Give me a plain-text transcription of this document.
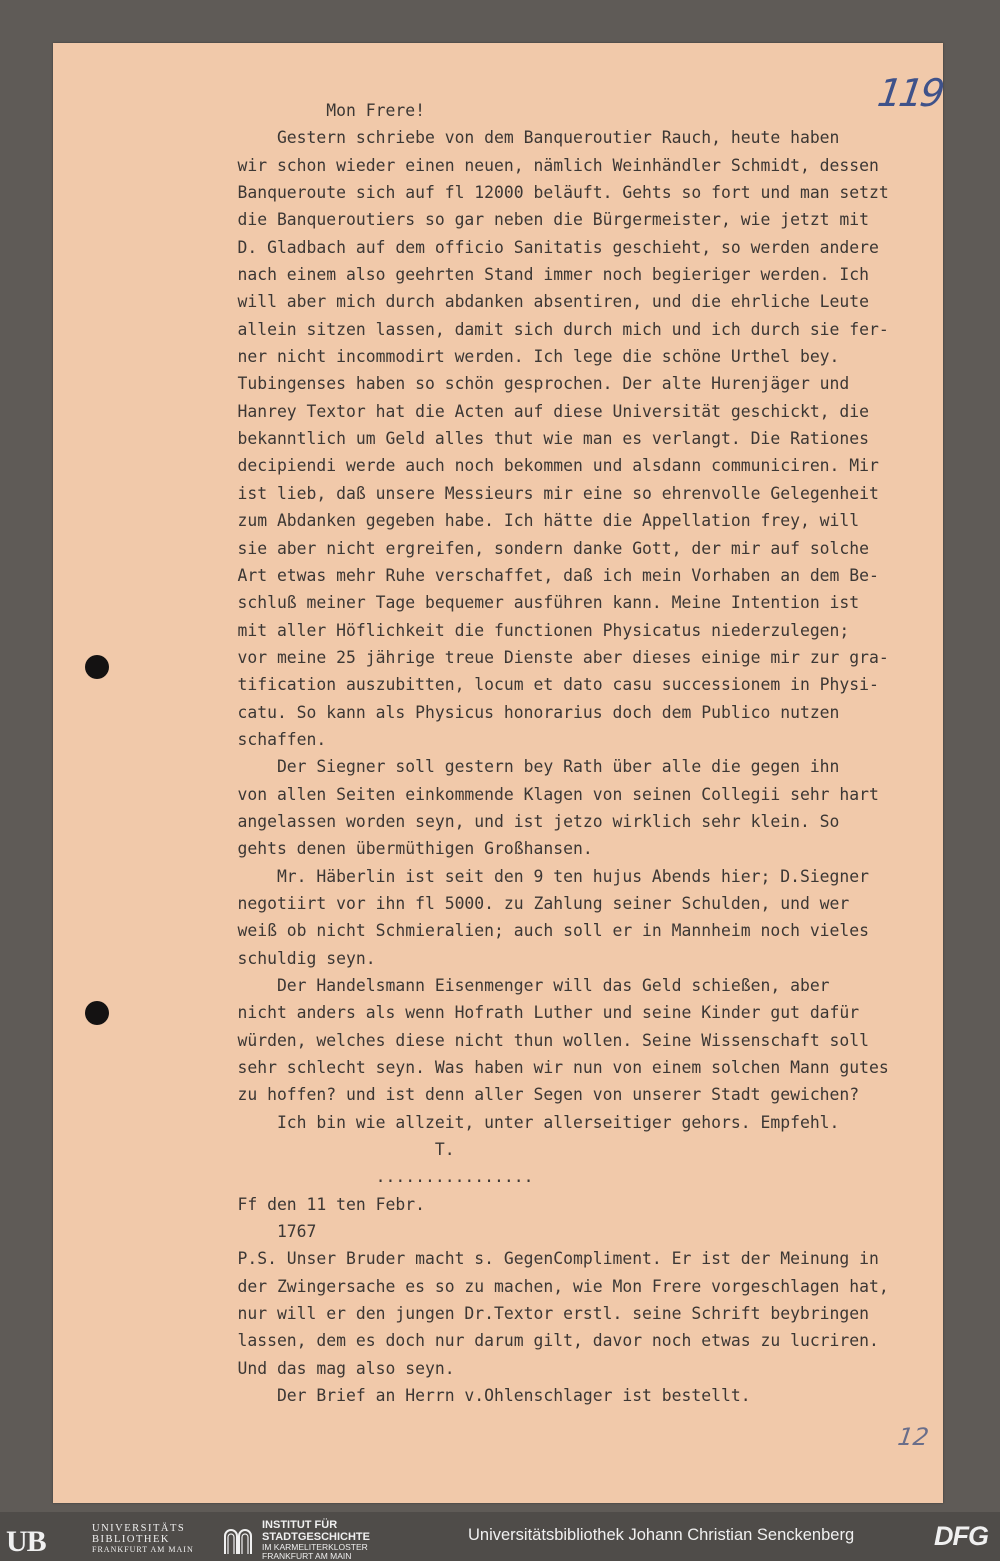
119
12
Mon Frere!
Gestern schriebe von dem Banqueroutier Rauch, heute haben
wir schon wieder einen neuen, nämlich Weinhändler Schmidt, dessen
Banqueroute sich auf fl 12000 beläuft. Gehts so fort und man setzt
die Banqueroutiers so gar neben die Bürgermeister, wie jetzt mit
D. Gladbach auf dem officio Sanitatis geschieht, so werden andere
nach einem also geehrten Stand immer noch begieriger werden. Ich
will aber mich durch abdanken absentiren, und die ehrliche Leute
allein sitzen lassen, damit sich durch mich und ich durch sie fer-
ner nicht incommodirt werden. Ich lege die schöne Urthel bey.
Tubingenses haben so schön gesprochen. Der alte Hurenjäger und
Hanrey Textor hat die Acten auf diese Universität geschickt, die
bekanntlich um Geld alles thut wie man es verlangt. Die Rationes
decipiendi werde auch noch bekommen und alsdann communiciren. Mir
ist lieb, daß unsere Messieurs mir eine so ehrenvolle Gelegenheit
zum Abdanken gegeben habe. Ich hätte die Appellation frey, will
sie aber nicht ergreifen, sondern danke Gott, der mir auf solche
Art etwas mehr Ruhe verschaffet, daß ich mein Vorhaben an dem Be-
schluß meiner Tage bequemer ausführen kann. Meine Intention ist
mit aller Höflichkeit die functionen Physicatus niederzulegen;
vor meine 25 jährige treue Dienste aber dieses einige mir zur gra-
tification auszubitten, locum et dato casu successionem in Physi-
catu. So kann als Physicus honorarius doch dem Publico nutzen
schaffen.
Der Siegner soll gestern bey Rath über alle die gegen ihn
von allen Seiten einkommende Klagen von seinen Collegii sehr hart
angelassen worden seyn, und ist jetzo wirklich sehr klein. So
gehts denen übermüthigen Großhansen.
Mr. Häberlin ist seit den 9 ten hujus Abends hier; D.Siegner
negotiirt vor ihn fl 5000. zu Zahlung seiner Schulden, und wer
weiß ob nicht Schmieralien; auch soll er in Mannheim noch vieles
schuldig seyn.
Der Handelsmann Eisenmenger will das Geld schießen, aber
nicht anders als wenn Hofrath Luther und seine Kinder gut dafür
würden, welches diese nicht thun wollen. Seine Wissenschaft soll
sehr schlecht seyn. Was haben wir nun von einem solchen Mann gutes
zu hoffen? und ist denn aller Segen von unserer Stadt gewichen?
Ich bin wie allzeit, unter allerseitiger gehors. Empfehl.
T.
................
Ff den 11 ten Febr.
1767
P.S. Unser Bruder macht s. GegenCompliment. Er ist der Meinung in
der Zwingersache es so zu machen, wie Mon Frere vorgeschlagen hat,
nur will er den jungen Dr.Textor erstl. seine Schrift beybringen
lassen, dem es doch nur darum gilt, davor noch etwas zu lucriren.
Und das mag also seyn.
Der Brief an Herrn v.Ohlenschlager ist bestellt.
UB	UNIVERSITÄTS
BIBLIOTHEK
FRANKFURT AM MAIN
INSTITUT FÜR
STADTGESCHICHTE
IM KARMELITERKLOSTER
FRANKFURT AM MAIN
Universitätsbibliothek Johann Christian Senckenberg	DFG
